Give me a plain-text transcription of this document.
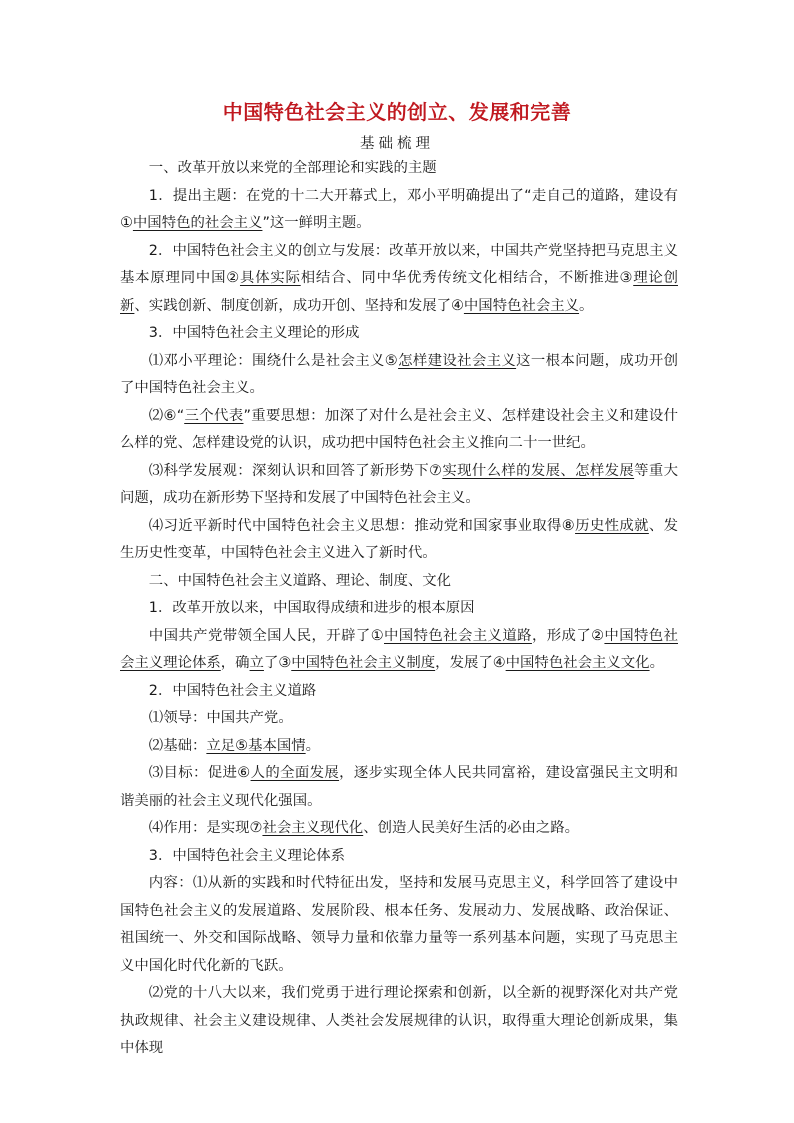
中国特色社会主义的创立、发展和完善
基础梳理

一、改革开放以来党的全部理论和实践的主题

1．提出主题：在党的十二大开幕式上，邓小平明确提出了“走自己的道路，建设有①中国特色的社会主义”这一鲜明主题。

2．中国特色社会主义的创立与发展：改革开放以来，中国共产党坚持把马克思主义基本原理同中国②具体实际相结合、同中华优秀传统文化相结合，不断推进③理论创新、实践创新、制度创新，成功开创、坚持和发展了④中国特色社会主义。

3．中国特色社会主义理论的形成

⑴邓小平理论：围绕什么是社会主义⑤怎样建设社会主义这一根本问题，成功开创了中国特色社会主义。

⑵⑥“三个代表”重要思想：加深了对什么是社会主义、怎样建设社会主义和建设什么样的党、怎样建设党的认识，成功把中国特色社会主义推向二十一世纪。

⑶科学发展观：深刻认识和回答了新形势下⑦实现什么样的发展、怎样发展等重大问题，成功在新形势下坚持和发展了中国特色社会主义。

⑷习近平新时代中国特色社会主义思想：推动党和国家事业取得⑧历史性成就、发生历史性变革，中国特色社会主义进入了新时代。

二、中国特色社会主义道路、理论、制度、文化

1．改革开放以来，中国取得成绩和进步的根本原因

中国共产党带领全国人民，开辟了①中国特色社会主义道路，形成了②中国特色社会主义理论体系，确立了③中国特色社会主义制度，发展了④中国特色社会主义文化。

2．中国特色社会主义道路

⑴领导：中国共产党。

⑵基础：立足⑤基本国情。

⑶目标：促进⑥人的全面发展，逐步实现全体人民共同富裕，建设富强民主文明和谐美丽的社会主义现代化强国。

⑷作用：是实现⑦社会主义现代化、创造人民美好生活的必由之路。

3．中国特色社会主义理论体系

内容：⑴从新的实践和时代特征出发，坚持和发展马克思主义，科学回答了建设中国特色社会主义的发展道路、发展阶段、根本任务、发展动力、发展战略、政治保证、祖国统一、外交和国际战略、领导力量和依靠力量等一系列基本问题，实现了马克思主义中国化时代化新的飞跃。

⑵党的十八大以来，我们党勇于进行理论探索和创新，以全新的视野深化对共产党执政规律、社会主义建设规律、人类社会发展规律的认识，取得重大理论创新成果，集中体现
